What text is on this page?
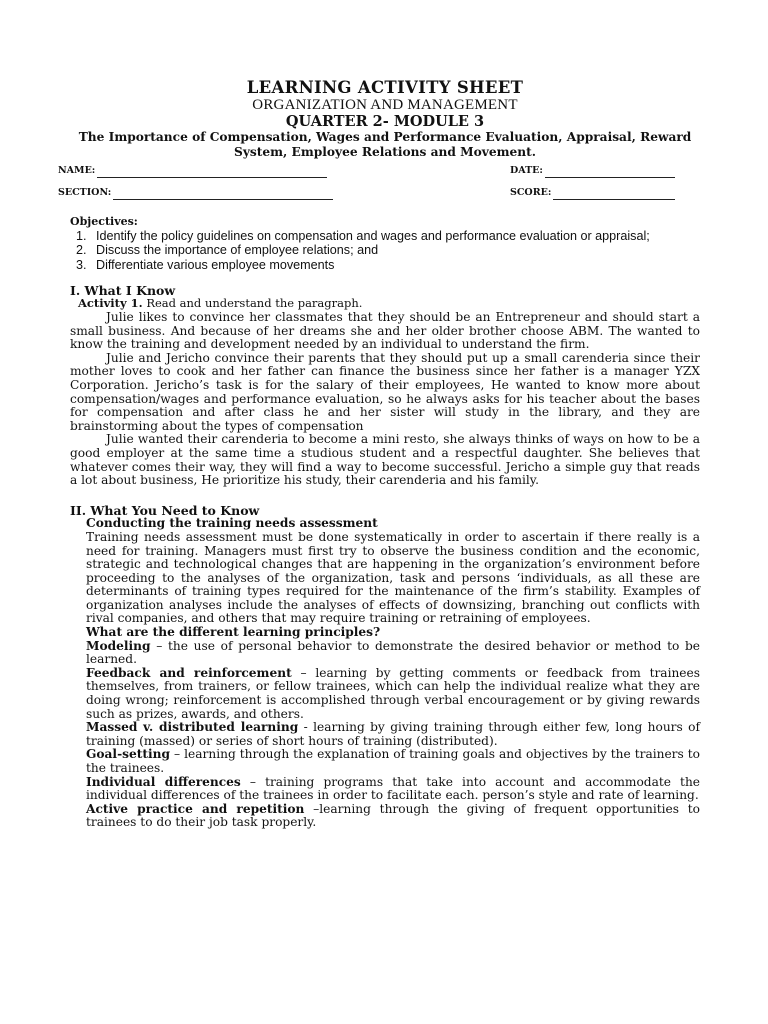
LEARNING ACTIVITY SHEET
ORGANIZATION AND MANAGEMENT
QUARTER 2- MODULE 3
The Importance of Compensation, Wages and Performance Evaluation, Appraisal, Reward System, Employee Relations and Movement.
NAME:	DATE:
SECTION:	SCORE:
Objectives:
1. Identify the policy guidelines on compensation and wages and performance evaluation or appraisal;
2. Discuss the importance of employee relations; and
3. Differentiate various employee movements
I. What I Know
Activity 1. Read and understand the paragraph.

Julie likes to convince her classmates that they should be an Entrepreneur and should start a small business. And because of her dreams she and her older brother choose ABM. The wanted to know the training and development needed by an individual to understand the firm.

Julie and Jericho convince their parents that they should put up a small carenderia since their mother loves to cook and her father can finance the business since her father is a manager YZX Corporation. Jericho’s task is for the salary of their employees, He wanted to know more about compensation/wages and performance evaluation, so he always asks for his teacher about the bases for compensation and after class he and her sister will study in the library, and they are brainstorming about the types of compensation

Julie wanted their carenderia to become a mini resto, she always thinks of ways on how to be a good employer at the same time a studious student and a respectful daughter. She believes that whatever comes their way, they will find a way to become successful. Jericho a simple guy that reads a lot about business, He prioritize his study, their carenderia and his family.

II. What You Need to Know
Conducting the training needs assessment

Training needs assessment must be done systematically in order to ascertain if there really is a need for training. Managers must first try to observe the business condition and the economic, strategic and technological changes that are happening in the organization’s environment before proceeding to the analyses of the organization, task and persons ‘individuals, as all these are determinants of training types required for the maintenance of the firm’s stability. Examples of organization analyses include the analyses of effects of downsizing, branching out conflicts with rival companies, and others that may require training or retraining of employees.

What are the different learning principles?

Modeling – the use of personal behavior to demonstrate the desired behavior or method to be learned.

Feedback and reinforcement – learning by getting comments or feedback from trainees themselves, from trainers, or fellow trainees, which can help the individual realize what they are doing wrong; reinforcement is accomplished through verbal encouragement or by giving rewards such as prizes, awards, and others.

Massed v. distributed learning - learning by giving training through either few, long hours of training (massed) or series of short hours of training (distributed).

Goal-setting – learning through the explanation of training goals and objectives by the trainers to the trainees.

Individual differences – training programs that take into account and accommodate the individual differences of the trainees in order to facilitate each. person’s style and rate of learning.

Active practice and repetition –learning through the giving of frequent opportunities to trainees to do their job task properly.
